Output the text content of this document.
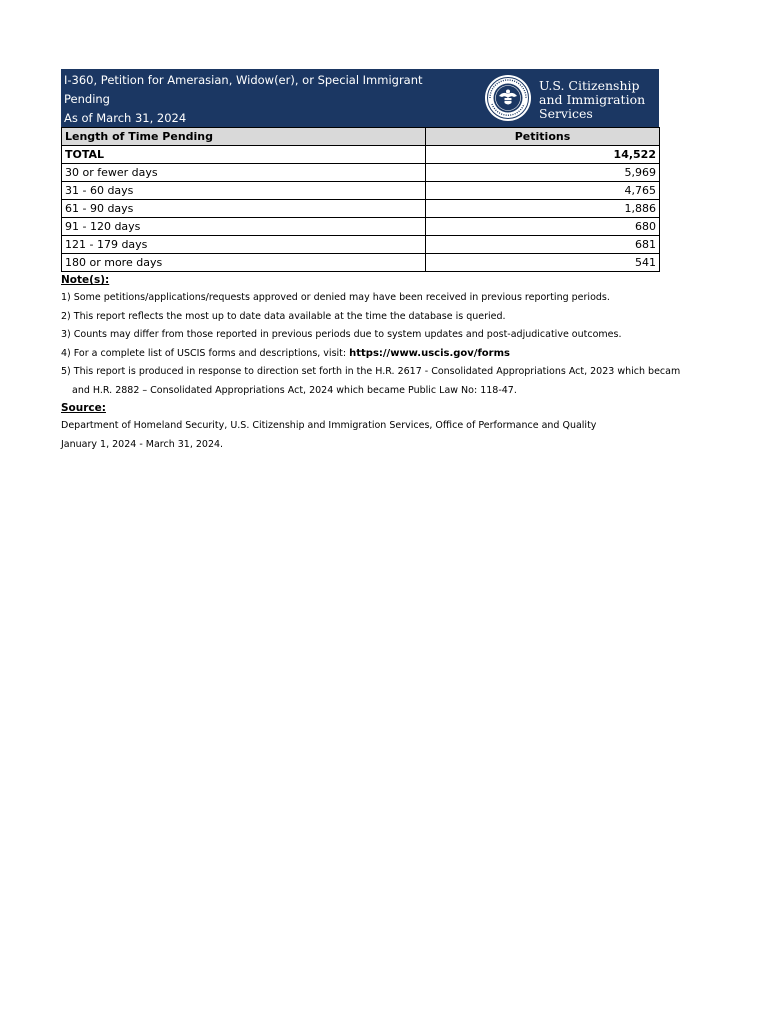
I-360, Petition for Amerasian, Widow(er), or Special Immigrant
Pending
As of March 31, 2024
U.S. Citizenship
and Immigration
Services
Length of Time Pending	Petitions
TOTAL	14,522
30 or fewer days	5,969
31 - 60 days	4,765
61 - 90 days	1,886
91 - 120 days	680
121 - 179 days	681
180 or more days	541
Note(s):
1) Some petitions/applications/requests approved or denied may have been received in previous reporting periods.
2) This report reflects the most up to date data available at the time the database is queried.
3) Counts may differ from those reported in previous periods due to system updates and post-adjudicative outcomes.
4) For a complete list of USCIS forms and descriptions, visit: https://www.uscis.gov/forms
5) This report is produced in response to direction set forth in the H.R. 2617 - Consolidated Appropriations Act, 2023 which becam
and H.R. 2882 – Consolidated Appropriations Act, 2024 which became Public Law No: 118-47.
Source:
Department of Homeland Security, U.S. Citizenship and Immigration Services, Office of Performance and Quality
January 1, 2024 - March 31, 2024.
